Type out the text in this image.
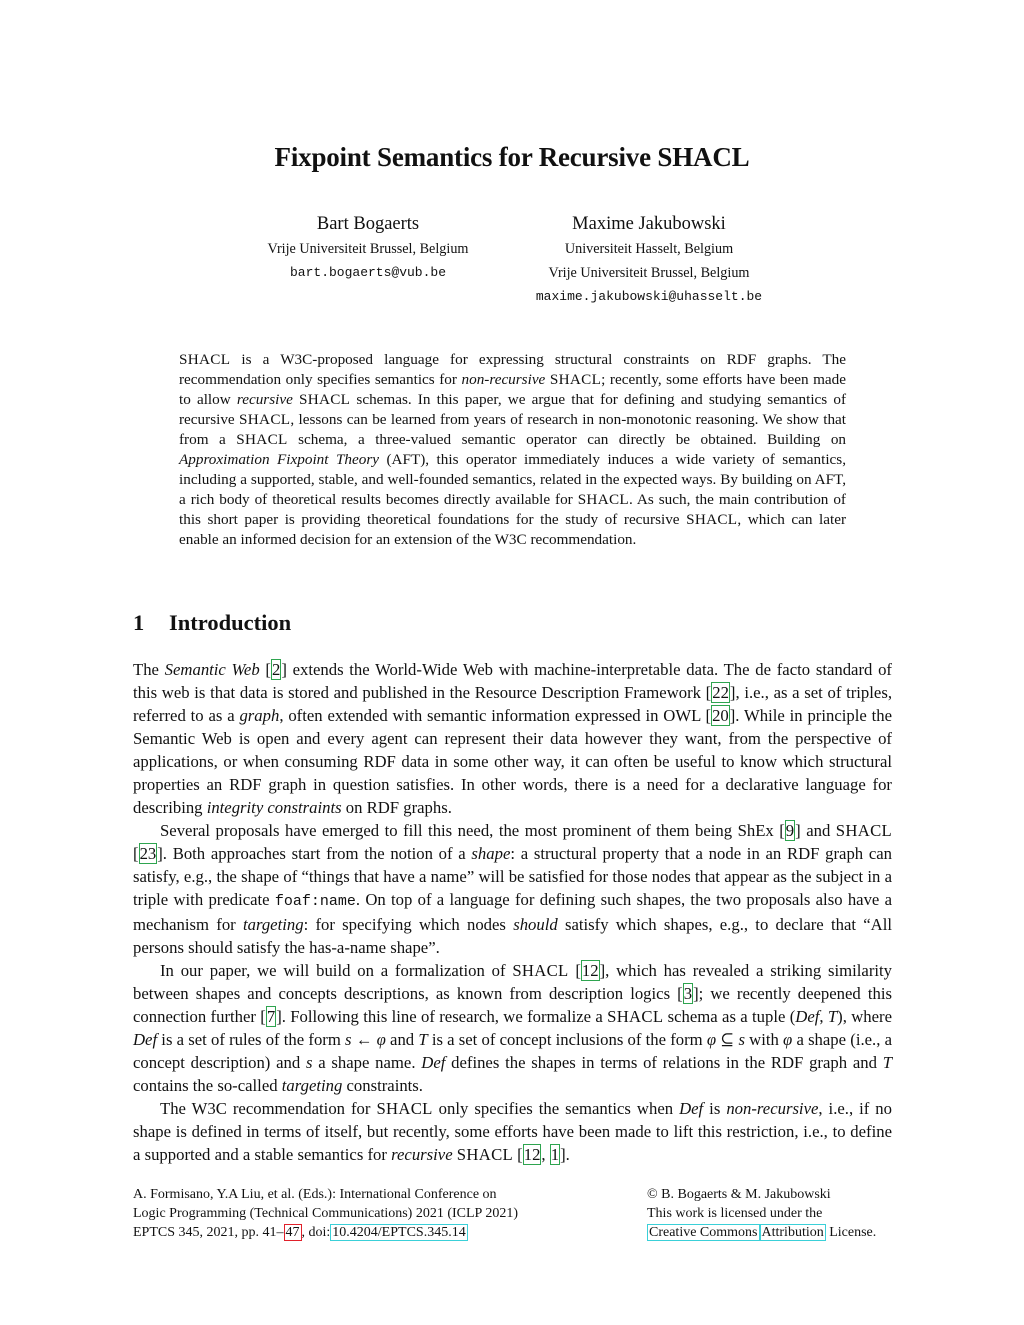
Fixpoint Semantics for Recursive SHACL
Bart Bogaerts
Vrije Universiteit Brussel, Belgium
bart.bogaerts@vub.be
Maxime Jakubowski
Universiteit Hasselt, Belgium
Vrije Universiteit Brussel, Belgium
maxime.jakubowski@uhasselt.be

SHACL is a W3C-proposed language for expressing structural constraints on RDF graphs. The recommendation only specifies semantics for non-recursive SHACL; recently, some efforts have been made to allow recursive SHACL schemas. In this paper, we argue that for defining and studying semantics of recursive SHACL, lessons can be learned from years of research in non-monotonic reasoning. We show that from a SHACL schema, a three-valued semantic operator can directly be obtained. Building on Approximation Fixpoint Theory (AFT), this operator immediately induces a wide variety of semantics, including a supported, stable, and well-founded semantics, related in the expected ways. By building on AFT, a rich body of theoretical results becomes directly available for SHACL. As such, the main contribution of this short paper is providing theoretical foundations for the study of recursive SHACL, which can later enable an informed decision for an extension of the W3C recommendation.

1 Introduction

The Semantic Web [2] extends the World-Wide Web with machine-interpretable data. The de facto standard of this web is that data is stored and published in the Resource Description Framework [22], i.e., as a set of triples, referred to as a graph, often extended with semantic information expressed in OWL [20]. While in principle the Semantic Web is open and every agent can represent their data however they want, from the perspective of applications, or when consuming RDF data in some other way, it can often be useful to know which structural properties an RDF graph in question satisfies. In other words, there is a need for a declarative language for describing integrity constraints on RDF graphs.

Several proposals have emerged to fill this need, the most prominent of them being ShEx [9] and SHACL [23]. Both approaches start from the notion of a shape: a structural property that a node in an RDF graph can satisfy, e.g., the shape of “things that have a name” will be satisfied for those nodes that appear as the subject in a triple with predicate foaf:name. On top of a language for defining such shapes, the two proposals also have a mechanism for targeting: for specifying which nodes should satisfy which shapes, e.g., to declare that “All persons should satisfy the has-a-name shape”.

In our paper, we will build on a formalization of SHACL [12], which has revealed a striking similarity between shapes and concepts descriptions, as known from description logics [3]; we recently deepened this connection further [7]. Following this line of research, we formalize a SHACL schema as a tuple (Def, T), where Def is a set of rules of the form s ← φ and T is a set of concept inclusions of the form φ ⊆ s with φ a shape (i.e., a concept description) and s a shape name. Def defines the shapes in terms of relations in the RDF graph and T contains the so-called targeting constraints.

The W3C recommendation for SHACL only specifies the semantics when Def is non-recursive, i.e., if no shape is defined in terms of itself, but recently, some efforts have been made to lift this restriction, i.e., to define a supported and a stable semantics for recursive SHACL [12, 1].

A. Formisano, Y.A Liu, et al. (Eds.): International Conference on
Logic Programming (Technical Communications) 2021 (ICLP 2021)
EPTCS 345, 2021, pp. 41– 47 , doi: 10.4204/EPTCS.345.14
© B. Bogaerts & M. Jakubowski
This work is licensed under the
Creative Commons Attribution License.
